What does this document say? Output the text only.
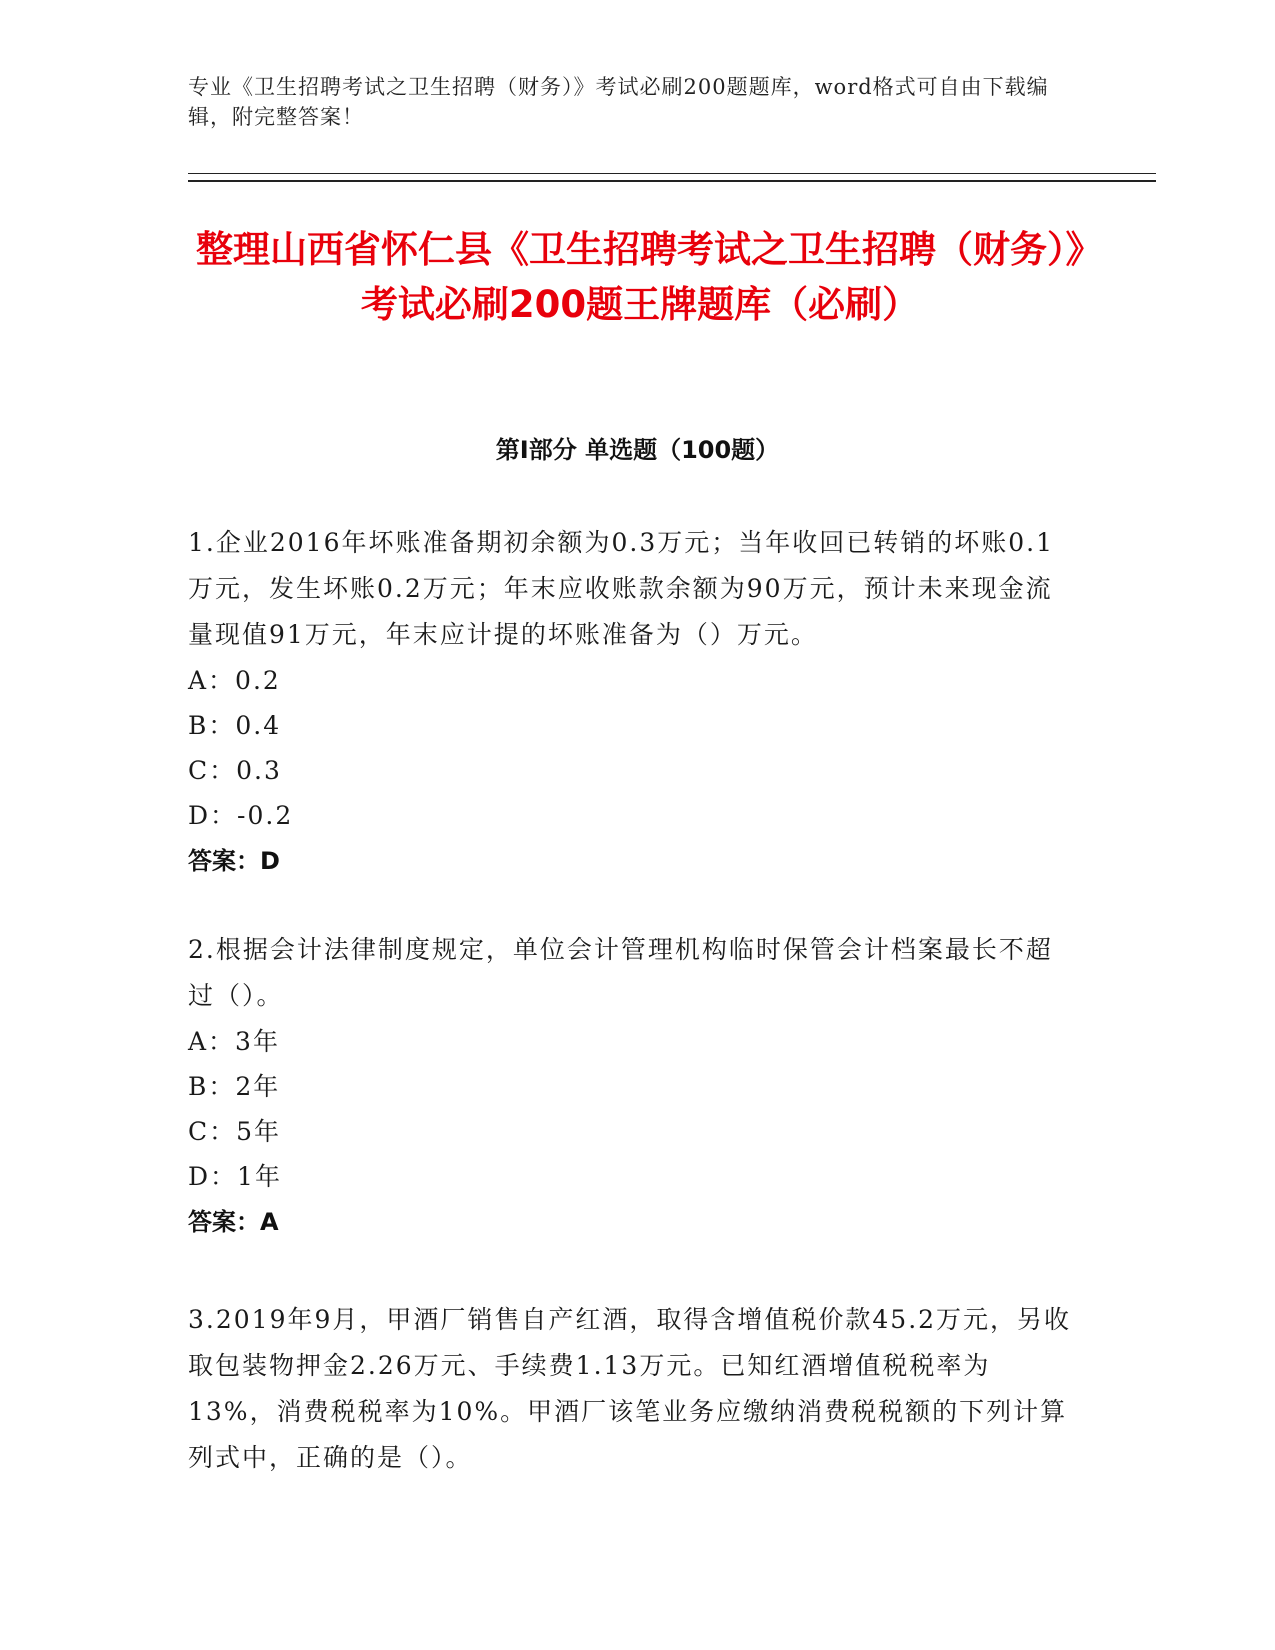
专业《卫生招聘考试之卫生招聘（财务）》考试必刷200题题库，word格式可自由下载编辑，附完整答案！
整理山西省怀仁县《卫生招聘考试之卫生招聘（财务）》考试必刷200题王牌题库（必刷）
第Ⅰ部分 单选题（100题）
1.企业2016年坏账准备期初余额为0.3万元；当年收回已转销的坏账0.1万元，发生坏账0.2万元；年末应收账款余额为90万元，预计未来现金流量现值91万元，年末应计提的坏账准备为（）万元。
A：0.2
B：0.4
C：0.3
D：-0.2
答案：D
2.根据会计法律制度规定，单位会计管理机构临时保管会计档案最长不超过（）。
A：3年
B：2年
C：5年
D：1年
答案：A
3.2019年9月，甲酒厂销售自产红酒，取得含增值税价款45.2万元，另收取包装物押金2.26万元、手续费1.13万元。已知红酒增值税税率为13%，消费税税率为10%。甲酒厂该笔业务应缴纳消费税税额的下列计算列式中，正确的是（）。
